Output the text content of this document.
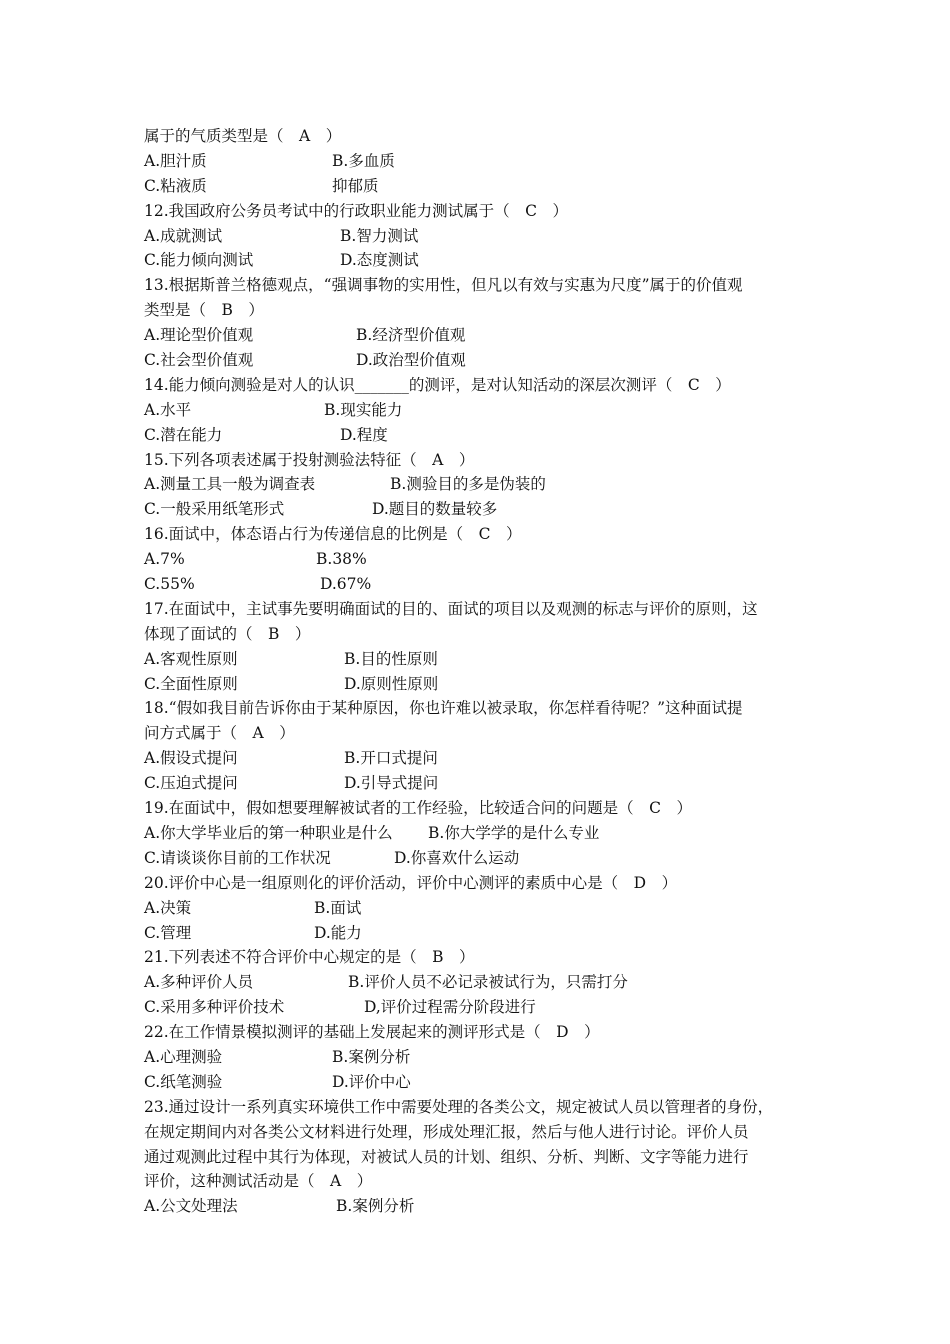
属于的气质类型是（　A　）
A.胆汁质	B.多血质
C.粘液质	抑郁质
12.我国政府公务员考试中的行政职业能力测试属于（　C　）
A.成就测试	B.智力测试
C.能力倾向测试	D.态度测试
13.根据斯普兰格德观点，“强调事物的实用性，但凡以有效与实惠为尺度”属于的价值观
类型是（　B　）
A.理论型价值观	B.经济型价值观
C.社会型价值观	D.政治型价值观
14.能力倾向测验是对人的认识_______的测评，是对认知活动的深层次测评（　C　）
A.水平	B.现实能力
C.潜在能力	D.程度
15.下列各项表述属于投射测验法特征（　A　）
A.测量工具一般为调查表	B.测验目的多是伪装的
C.一般采用纸笔形式	D.题目的数量较多
16.面试中，体态语占行为传递信息的比例是（　C　）
A.7%	B.38%
C.55%	D.67%
17.在面试中，主试事先要明确面试的目的、面试的项目以及观测的标志与评价的原则，这
体现了面试的（　B　）
A.客观性原则	B.目的性原则
C.全面性原则	D.原则性原则
18.“假如我目前告诉你由于某种原因，你也许难以被录取，你怎样看待呢？”这种面试提
问方式属于（　A　）
A.假设式提问	B.开口式提问
C.压迫式提问	D.引导式提问
19.在面试中，假如想要理解被试者的工作经验，比较适合问的问题是（　C　）
A.你大学毕业后的第一种职业是什么 B.你大学学的是什么专业
C.请谈谈你目前的工作状况	D.你喜欢什么运动
20.评价中心是一组原则化的评价活动，评价中心测评的素质中心是（　D　）
A.决策	B.面试
C.管理	D.能力
21.下列表述不符合评价中心规定的是（　B　）
A.多种评价人员	B.评价人员不必记录被试行为，只需打分
C.采用多种评价技术	D,评价过程需分阶段进行
22.在工作情景模拟测评的基础上发展起来的测评形式是（　D　）
A.心理测验	B.案例分析
C.纸笔测验	D.评价中心
23.通过设计一系列真实环境供工作中需要处理的各类公文，规定被试人员以管理者的身份，
在规定期间内对各类公文材料进行处理，形成处理汇报，然后与他人进行讨论。评价人员
通过观测此过程中其行为体现，对被试人员的计划、组织、分析、判断、文字等能力进行
评价，这种测试活动是（　A　）
A.公文处理法	B.案例分析
